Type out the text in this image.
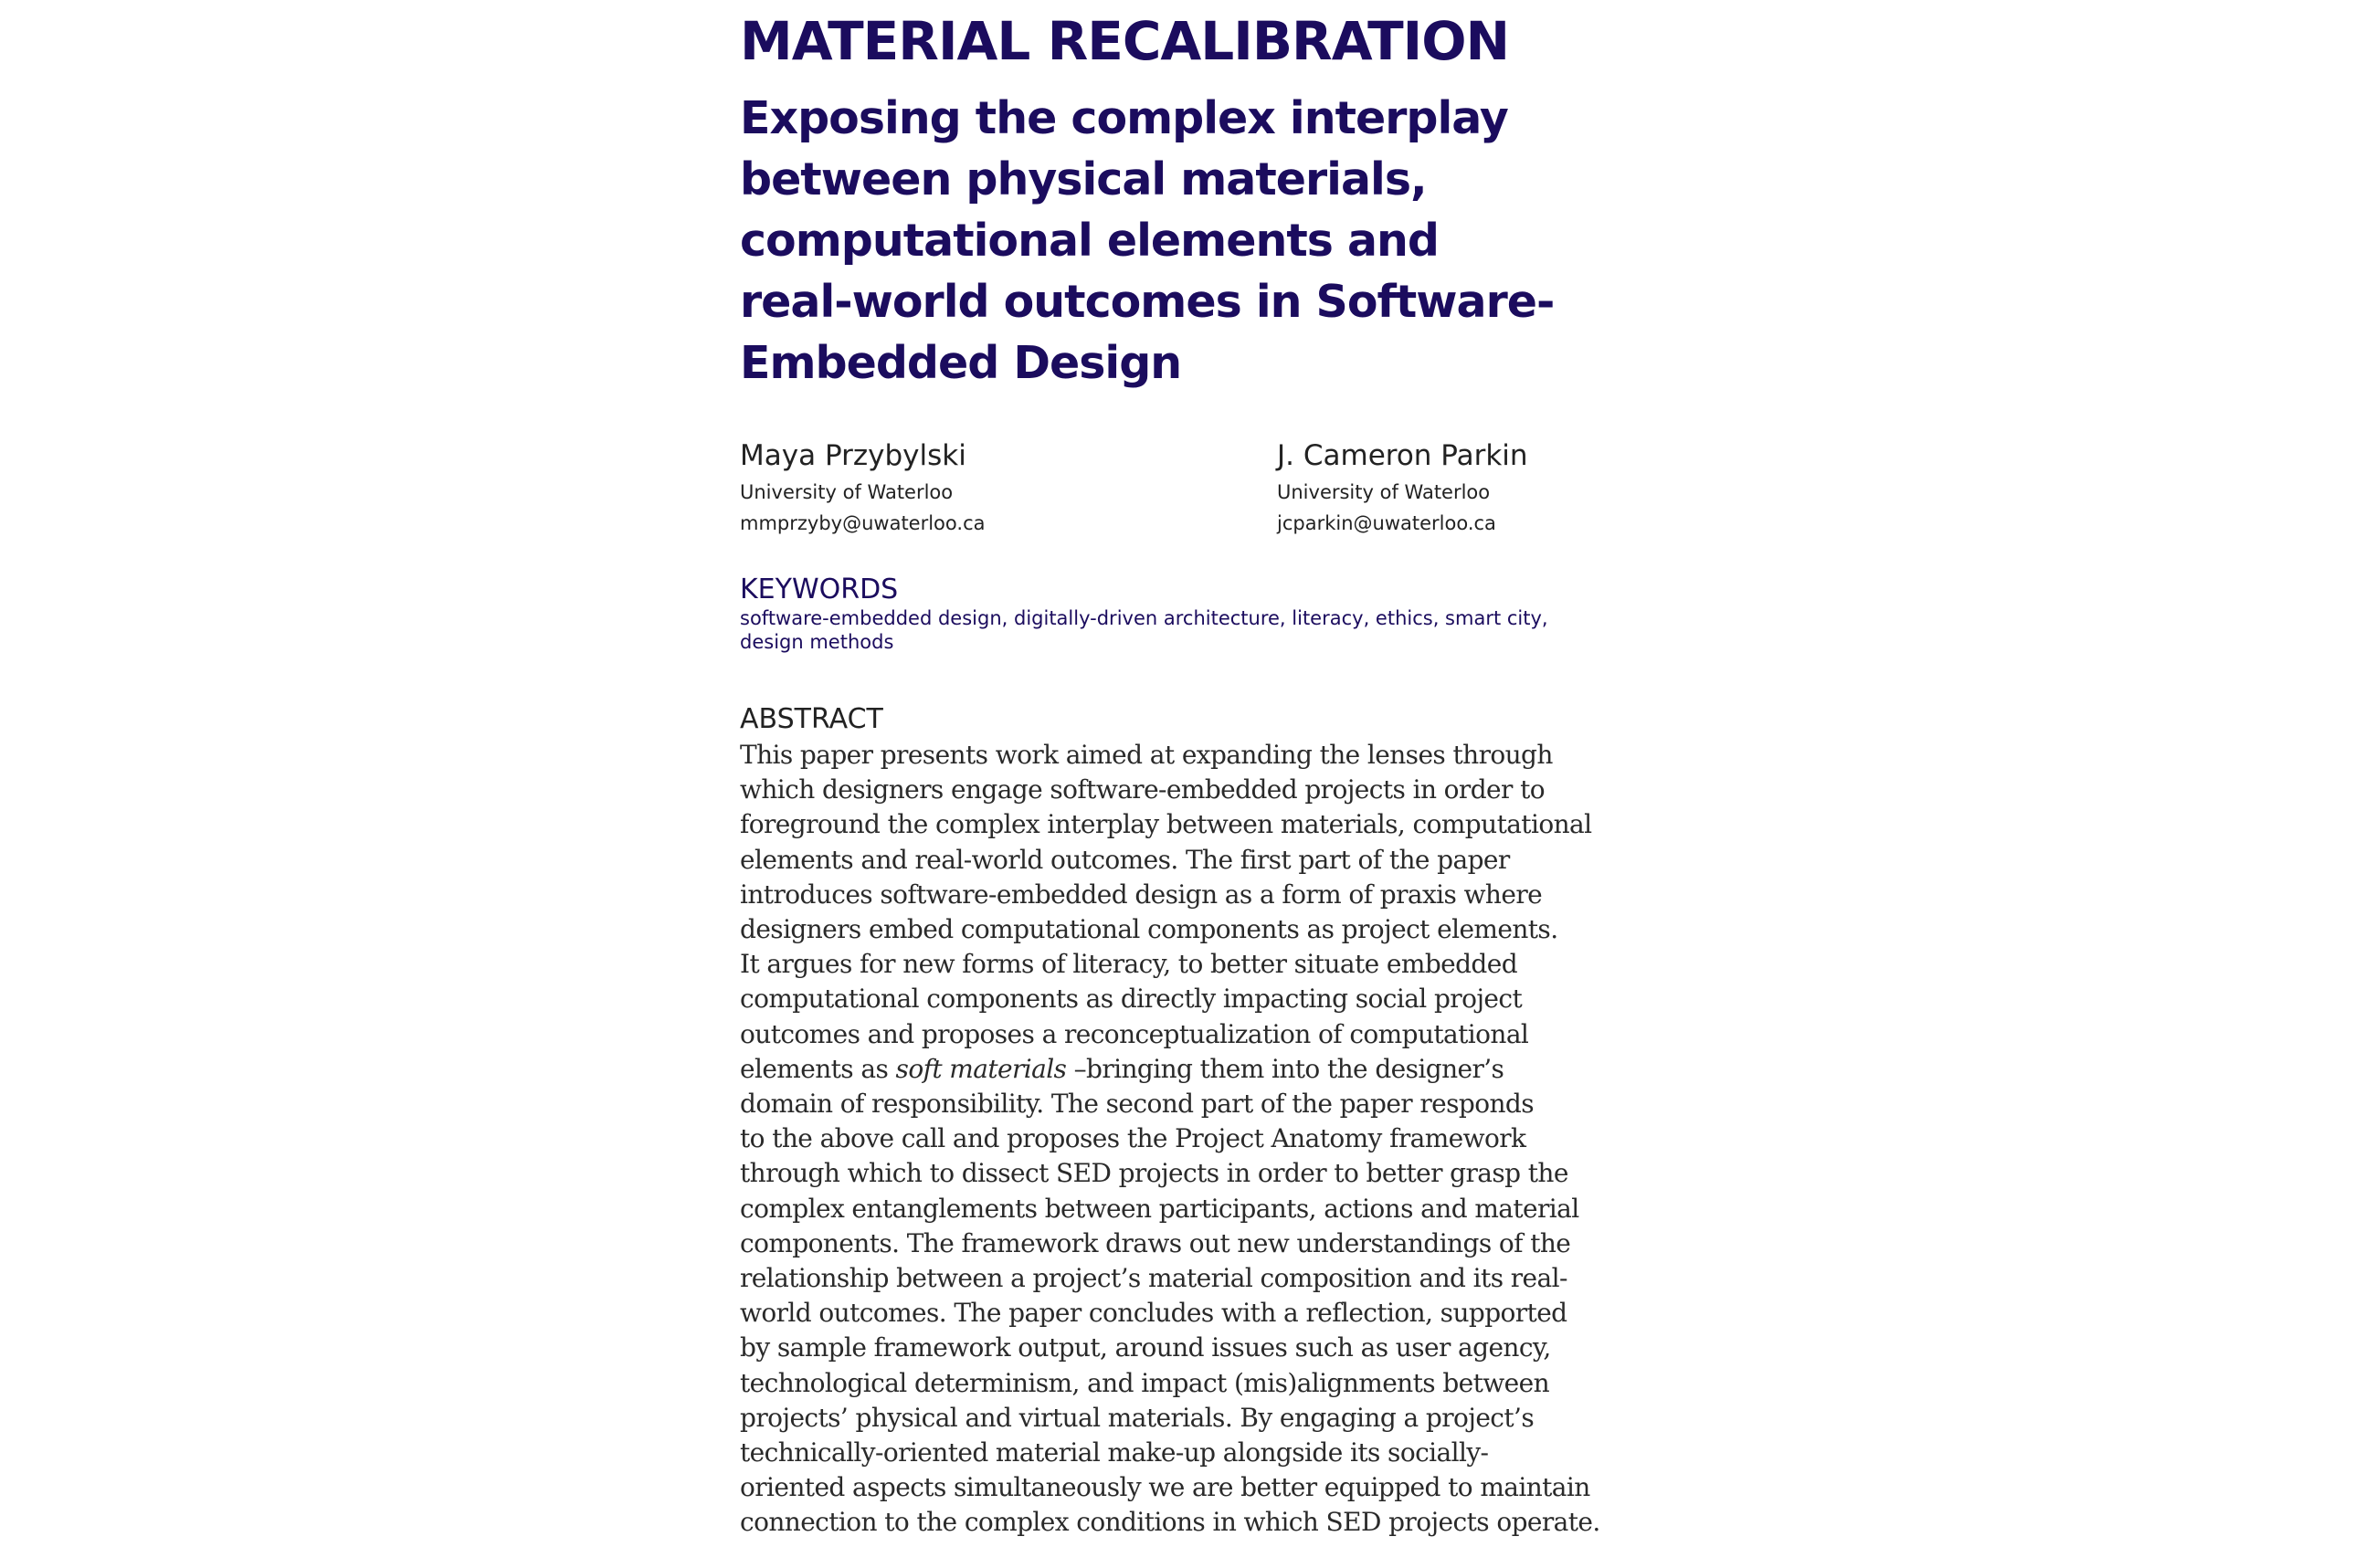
MATERIAL RECALIBRATION
Exposing the complex interplay
between physical materials,
computational elements and
real-world outcomes in Software-
Embedded Design
Maya Przybylski
University of Waterloo
mmprzyby@uwaterloo.ca
J. Cameron Parkin
University of Waterloo
jcparkin@uwaterloo.ca
KEYWORDS
software-embedded design, digitally-driven architecture, literacy, ethics, smart city,
design methods
ABSTRACT
This paper presents work aimed at expanding the lenses through
which designers engage software-embedded projects in order to
foreground the complex interplay between materials, computational
elements and real-world outcomes. The first part of the paper
introduces software-embedded design as a form of praxis where
designers embed computational components as project elements.
It argues for new forms of literacy, to better situate embedded
computational components as directly impacting social project
outcomes and proposes a reconceptualization of computational
elements as soft materials –bringing them into the designer’s
domain of responsibility. The second part of the paper responds
to the above call and proposes the Project Anatomy framework
through which to dissect SED projects in order to better grasp the
complex entanglements between participants, actions and material
components. The framework draws out new understandings of the
relationship between a project’s material composition and its real-
world outcomes. The paper concludes with a reflection, supported
by sample framework output, around issues such as user agency,
technological determinism, and impact (mis)alignments between
projects’ physical and virtual materials. By engaging a project’s
technically-oriented material make-up alongside its socially-
oriented aspects simultaneously we are better equipped to maintain
connection to the complex conditions in which SED projects operate.
